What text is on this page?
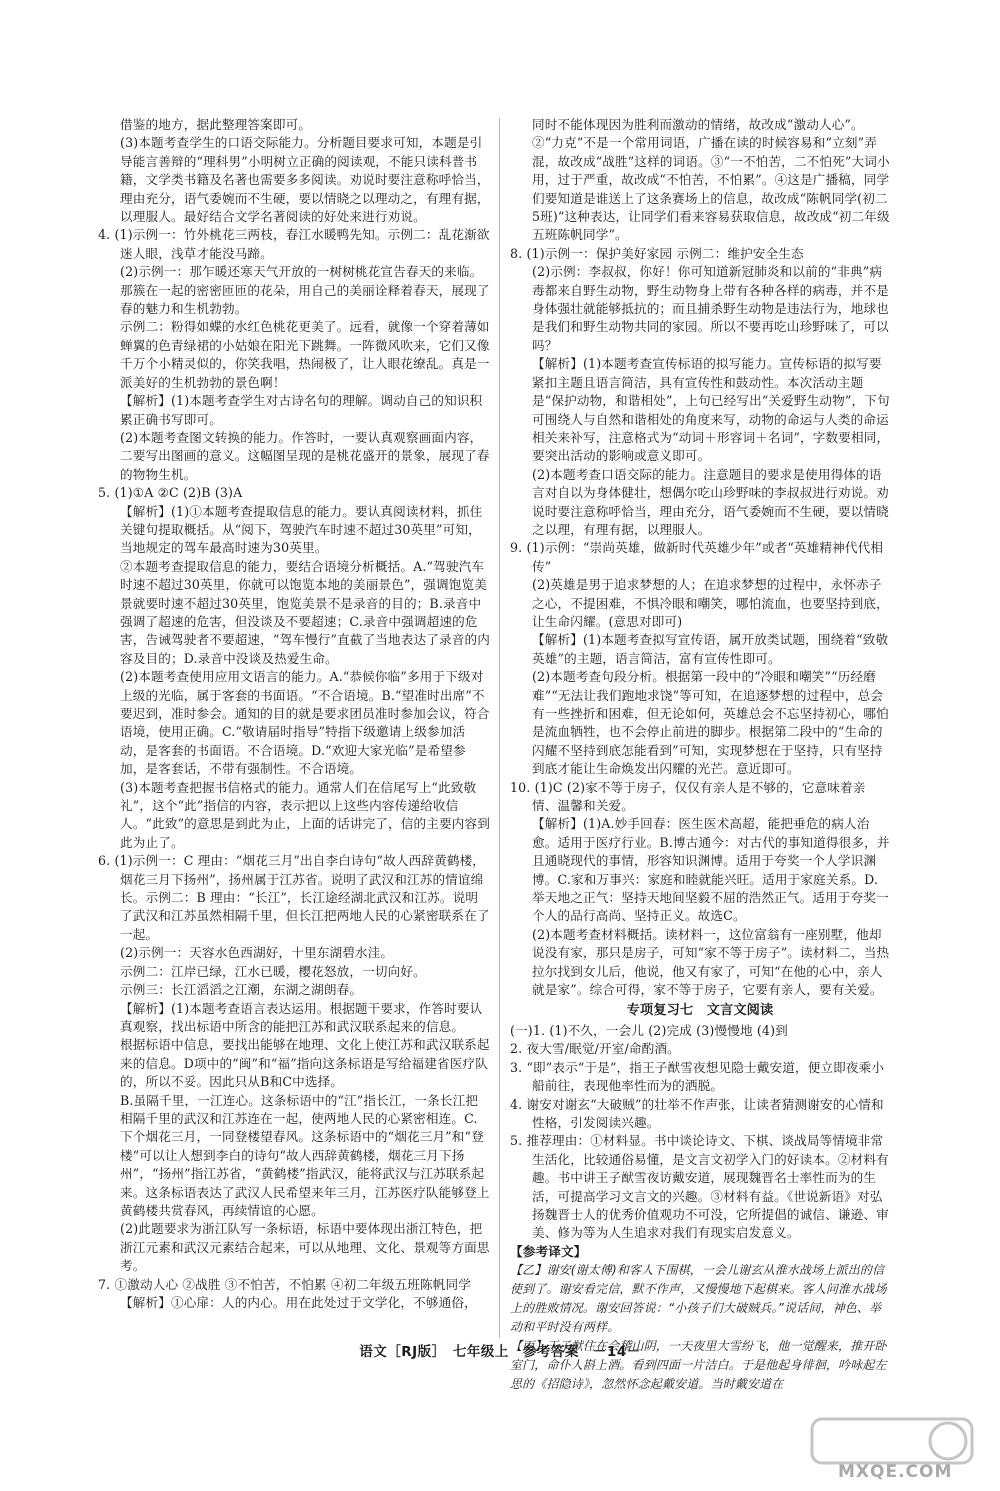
借鉴的地方，据此整理答案即可。

(3)本题考查学生的口语交际能力。分析题目要求可知，本题是引导能言善辩的“理科男”小明树立正确的阅读观，不能只读科普书籍，文学类书籍及名著也需要多多阅读。劝说时要注意称呼恰当，理由充分，语气委婉而不生硬，要以情晓之以理动之，有理有据，以理服人。最好结合文学名著阅读的好处来进行劝说。

4. (1)示例一：竹外桃花三两枝，春江水暖鸭先知。示例二：乱花渐欲迷人眼，浅草才能没马蹄。

(2)示例一：那乍暖还寒天气开放的一树树桃花宣告春天的来临。那簇在一起的密密匝匝的花朵，用自己的美丽诠释着春天，展现了春的魅力和生机勃勃。

示例二：粉得如蝶的水红色桃花更美了。远看，就像一个穿着薄如蝉翼的色青绿裙的小姑娘在阳光下跳舞。一阵微风吹来，它们又像千万个小精灵似的，你笑我唱，热闹极了，让人眼花缭乱。真是一派美好的生机勃勃的景色啊！

【解析】(1)本题考查学生对古诗名句的理解。调动自己的知识积累正确书写即可。

(2)本题考查图文转换的能力。作答时，一要认真观察画面内容，二要写出图画的意义。这幅图呈现的是桃花盛开的景象，展现了春的物物生机。

5. (1)①A ②C (2)B (3)A

【解析】(1)①本题考查提取信息的能力。要认真阅读材料，抓住关键句提取概括。从“阅下，驾驶汽车时速不超过30英里”可知，当地规定的驾车最高时速为30英里。

②本题考查提取信息的能力，要结合语境分析概括。A.“驾驶汽车时速不超过30英里，你就可以饱览本地的美丽景色”，强调饱览美景就要时速不超过30英里，饱览美景不是录音的目的；B.录音中强调了超速的危害，但没谈及不要超速；C.录音中强调超速的危害，告诫驾驶者不要超速，“驾车慢行”直截了当地表达了录音的内容及目的；D.录音中没谈及热爱生命。

(2)本题考查使用应用文语言的能力。A.“恭候你临”多用于下级对上级的光临，属于客套的书面语。“不合语境。B.“望准时出席”不要迟到，准时参会。通知的目的就是要求团员准时参加会议，符合语境，使用正确。C.“敬请届时指导”特指下级邀请上级参加活动，是客套的书面语。不合语境。D.“欢迎大家光临”是希望参加，是客套话，不带有强制性。不合语境。

(3)本题考查把握书信格式的能力。通常人们在信尾写上“此致敬礼”，这个“此”指信的内容，表示把以上这些内容传递给收信人。“此致”的意思是到此为止，上面的话讲完了，信的主要内容到此为止了。

6. (1)示例一：C 理由：“烟花三月”出自李白诗句“故人西辞黄鹤楼，烟花三月下扬州”，扬州属于江苏省。说明了武汉和江苏的情谊绵长。示例二：B 理由：“长江”，长江途经湖北武汉和江苏。说明了武汉和江苏虽然相隔千里，但长江把两地人民的心紧密联系在了一起。

(2)示例一：天容水色西湖好，十里东湖碧水洼。

示例二：江岸已绿，江水已暖，樱花怒放，一切向好。

示例三：长江滔滔之江潮，东湖之湖朗春。

【解析】(1)本题考查语言表达运用。根据题干要求，作答时要认真观察，找出标语中所含的能把江苏和武汉联系起来的信息。

根据标语中信息，要找出能够在地理、文化上使江苏和武汉联系起来的信息。D项中的“闽”和“福”指向这条标语是写给福建省医疗队的，所以不妥。因此只从B和C中选择。

B.虽隔千里，一江连心。这条标语中的“江”指长江，一条长江把相隔千里的武汉和江苏连在一起，使两地人民的心紧密相连。C.下个烟花三月，一同登楼望春风。这条标语中的“烟花三月”和“登楼”可以让人想到李白的诗句“故人西辞黄鹤楼，烟花三月下扬州”，“扬州”指江苏省，“黄鹤楼”指武汉，能将武汉与江苏联系起来。这条标语表达了武汉人民希望来年三月，江苏医疗队能够登上黄鹤楼共赏春风，再续情谊的心愿。

(2)此题要求为浙江队写一条标语，标语中要体现出浙江特色，把浙江元素和武汉元素结合起来，可以从地理、文化、景观等方面思考。

7. ①激动人心 ②战胜 ③不怕苦，不怕累 ④初二年级五班陈帆同学

【解析】①心扉：人的内心。用在此处过于文学化，不够通俗，

同时不能体现因为胜利而激动的情绪，故改成“激动人心”。②“力克”不是一个常用词语，广播在读的时候容易和“立刻”弄混，故改成“战胜”这样的词语。③“一不怕苦，二不怕死”大词小用，过于严重，故改成“不怕苦，不怕累”。④这是广播稿，同学们要知道是谁送上了这条赛场上的信息，故改成“陈帆同学(初二5班)”这种表达，让同学们看来容易获取信息，故改成“初二年级五班陈帆同学”。

8. (1)示例一：保护美好家园 示例二：维护安全生态

(2)示例：李叔叔，你好！你可知道新冠肺炎和以前的“非典”病毒都来自野生动物，野生动物身上带有各种各样的病毒，并不是身体强壮就能够抵抗的；而且捕杀野生动物是违法行为，地球也是我们和野生动物共同的家园。所以不要再吃山珍野味了，可以吗？

【解析】(1)本题考查宣传标语的拟写能力。宣传标语的拟写要紧扣主题且语言简洁，具有宣传性和鼓动性。本次活动主题是“保护动物，和谐相处”，上句已经写出“关爱野生动物”，下句可围绕人与自然和谐相处的角度来写，动物的命运与人类的命运相关来补写，注意格式为“动词＋形容词＋名词”，字数要相同，要突出活动的影响或意义即可。

(2)本题考查口语交际的能力。注意题目的要求是使用得体的语言对自以为身体健壮，想偶尔吃山珍野味的李叔叔进行劝说。劝说时要注意称呼恰当，理由充分，语气委婉而不生硬，要以情晓之以理，有理有据，以理服人。

9. (1)示例：“崇尚英雄，做新时代英雄少年”或者“英雄精神代代相传”

(2)英雄是男于追求梦想的人；在追求梦想的过程中，永怀赤子之心，不提困难，不惧冷眼和嘲笑，哪怕流血，也要坚持到底，让生命闪耀。(意思对即可)

【解析】(1)本题考查拟写宣传语，属开放类试题，围绕着“致敬英雄”的主题，语言简洁，富有宣传性即可。

(2)本题考查句段分析。根据第一段中的“冷眼和嘲笑”“历经磨难”“无法让我们跑地求饶”等可知，在追逐梦想的过程中，总会有一些挫折和困难，但无论如何，英雄总会不忘坚持初心，哪怕是流血牺牲，也不会停止前进的脚步。根据第二段中的“生命的闪耀不坚持到底怎能看到”可知，实现梦想在于坚持，只有坚持到底才能让生命焕发出闪耀的光芒。意近即可。

10. (1)C (2)家不等于房子，仅仅有亲人是不够的，它意味着亲情、温馨和关爱。

【解析】(1)A.妙手回春：医生医术高超，能把垂危的病人治愈。适用于医疗行业。B.博古通今：对古代的事知道得很多，并且通晓现代的事情，形容知识渊博。适用于夸奖一个人学识渊博。C.家和万事兴：家庭和睦就能兴旺。适用于家庭关系。D.举天地之正气：坚持天地间坚毅不屈的浩然正气。适用于夸奖一个人的品行高尚、坚持正义。故选C。

(2)本题考查材料概括。读材料一，这位富翁有一座别墅，他却说没有家，那只是房子，可知“家不等于房子”。读材料二，当热拉尔找到女儿后，他说，他又有家了，可知“在他的心中，亲人就是家”。综合可得，家不等于房子，它要有亲人，要有关爱。

专项复习七　文言文阅读

(一)1. (1)不久，一会儿 (2)完成 (3)慢慢地 (4)到

2. 夜大雪/眠觉/开室/命酌酒。

3. “即”表示“于是”，指王子猷雪夜想见隐士戴安道，便立即夜乘小船前往，表现他率性而为的洒脱。

4. 谢安对谢玄“大破贼”的壮举不作声张，让读者猜测谢安的心情和性格，引发阅读兴趣。

5. 推荐理由：①材料显。书中谈论诗文、下棋、谈战局等情境非常生活化，比较通俗易懂，是文言文初学入门的好读本。②材料有趣。书中讲王子猷雪夜访戴安道，展现魏晋名士率性而为的生活，可提高学习文言文的兴趣。③材料有益。《世说新语》对弘扬魏晋士人的优秀价值观功不可没，它所提倡的诚信、谦逊、审美、修为等为人生追求对我们有现实启发意义。

【参考译文】

【乙】谢安(谢太傅)和客人下围棋，一会儿谢玄从淮水战场上派出的信使到了。谢安看完信，默不作声，又慢慢地下起棋来。客人问淮水战场上的胜败情况。谢安回答说：“小孩子们大破贼兵。”说话间，神色、举动和平时没有两样。

【丙】王子猷住在会稽山阴，一天夜里大雪纷飞，他一觉醒来，推开卧室门，命仆人斟上酒。看到四面一片洁白。于是他起身徘徊，吟咏起左思的《招隐诗》，忽然怀念起戴安道。当时戴安道在

语文［RJ版］　七年级上　参考答案　－14－
MXQE.COM
